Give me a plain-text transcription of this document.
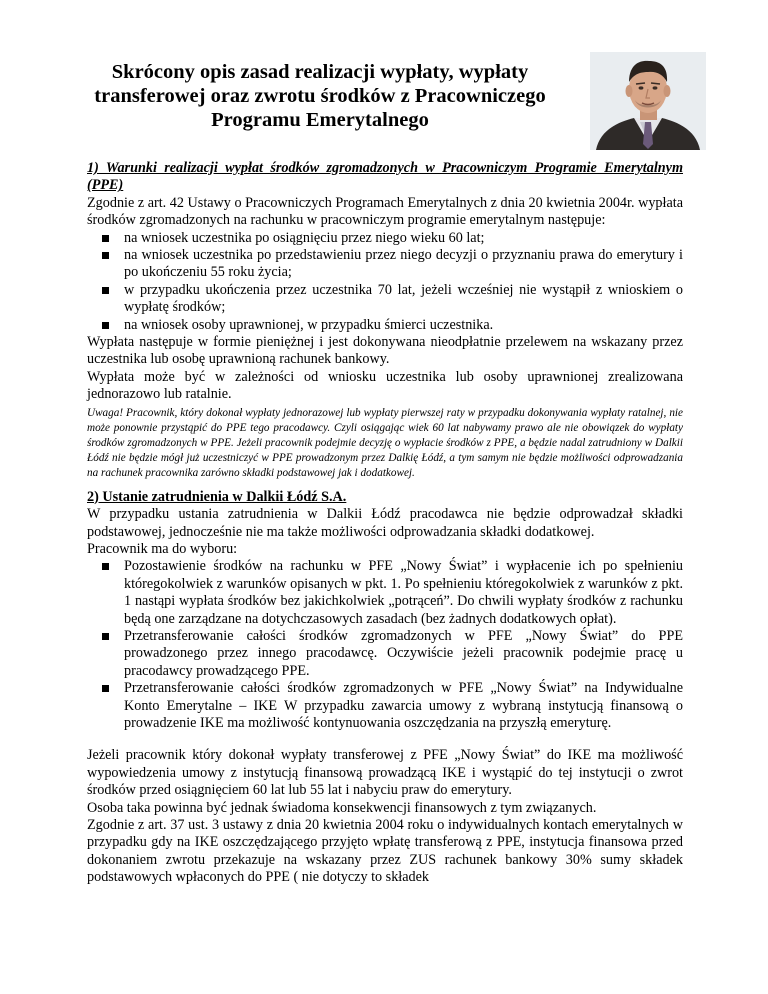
Skrócony opis zasad realizacji wypłaty, wypłaty transferowej oraz zwrotu środków z Pracowniczego Programu Emerytalnego

1) Warunki realizacji wypłat środków zgromadzonych w Pracowniczym Programie Emerytalnym (PPE)

Zgodnie z art. 42 Ustawy o Pracowniczych Programach Emerytalnych z dnia 20 kwietnia 2004r. wypłata środków zgromadzonych na rachunku w pracowniczym programie emerytalnym następuje:

na wniosek uczestnika po osiągnięciu przez niego wieku 60 lat;
na wniosek uczestnika po przedstawieniu przez niego decyzji o przyznaniu prawa do emerytury i po ukończeniu 55 roku życia;
w przypadku ukończenia przez uczestnika 70 lat, jeżeli wcześniej nie wystąpił z wnioskiem o wypłatę środków;
na wniosek osoby uprawnionej, w przypadku śmierci uczestnika.

Wypłata następuje w formie pieniężnej i jest dokonywana nieodpłatnie przelewem na wskazany przez uczestnika lub osobę uprawnioną rachunek bankowy.

Wypłata może być w zależności od wniosku uczestnika lub osoby uprawnionej zrealizowana jednorazowo lub ratalnie.

Uwaga! Pracownik, który dokonał wypłaty jednorazowej lub wypłaty pierwszej raty w przypadku dokonywania wypłaty ratalnej, nie może ponownie przystąpić do PPE tego pracodawcy. Czyli osiągając wiek 60 lat nabywamy prawo ale nie obowiązek do wypłaty środków zgromadzonych w PPE. Jeżeli pracownik podejmie decyzję o wypłacie środków z PPE, a będzie nadal zatrudniony w Dalkii Łódź nie będzie mógł już uczestniczyć w PPE prowadzonym przez Dalkię Łódź, a tym samym nie będzie możliwości odprowadzania na rachunek pracownika zarówno składki podstawowej jak i dodatkowej.

2) Ustanie zatrudnienia w Dalkii Łódź S.A.

W przypadku ustania zatrudnienia w Dalkii Łódź pracodawca nie będzie odprowadzał składki podstawowej, jednocześnie nie ma także możliwości odprowadzania składki dodatkowej.

Pracownik ma do wyboru:

Pozostawienie środków na rachunku w PFE „Nowy Świat” i wypłacenie ich po spełnieniu któregokolwiek z warunków opisanych w pkt. 1. Po spełnieniu któregokolwiek z warunków z pkt. 1 nastąpi wypłata środków bez jakichkolwiek „potrąceń”. Do chwili wypłaty środków z rachunku będą one zarządzane na dotychczasowych zasadach (bez żadnych dodatkowych opłat).
Przetransferowanie całości środków zgromadzonych w PFE „Nowy Świat” do PPE prowadzonego przez innego pracodawcę. Oczywiście jeżeli pracownik podejmie pracę u pracodawcy prowadzącego PPE.
Przetransferowanie całości środków zgromadzonych w PFE „Nowy Świat” na Indywidualne Konto Emerytalne – IKE W przypadku zawarcia umowy z wybraną instytucją finansową o prowadzenie IKE ma możliwość kontynuowania oszczędzania na przyszłą emeryturę.

Jeżeli pracownik który dokonał wypłaty transferowej z PFE „Nowy Świat” do IKE ma możliwość wypowiedzenia umowy z instytucją finansową prowadzącą IKE i wystąpić do tej instytucji o zwrot środków przed osiągnięciem 60 lat lub 55 lat i nabyciu praw do emerytury.

Osoba taka powinna być jednak świadoma konsekwencji finansowych z tym związanych.

Zgodnie z art. 37 ust. 3 ustawy z dnia 20 kwietnia 2004 roku o indywidualnych kontach emerytalnych w przypadku gdy na IKE oszczędzającego przyjęto wpłatę transferową z PPE, instytucja finansowa przed dokonaniem zwrotu przekazuje na wskazany przez ZUS rachunek bankowy 30% sumy składek podstawowych wpłaconych do PPE ( nie dotyczy to składek
